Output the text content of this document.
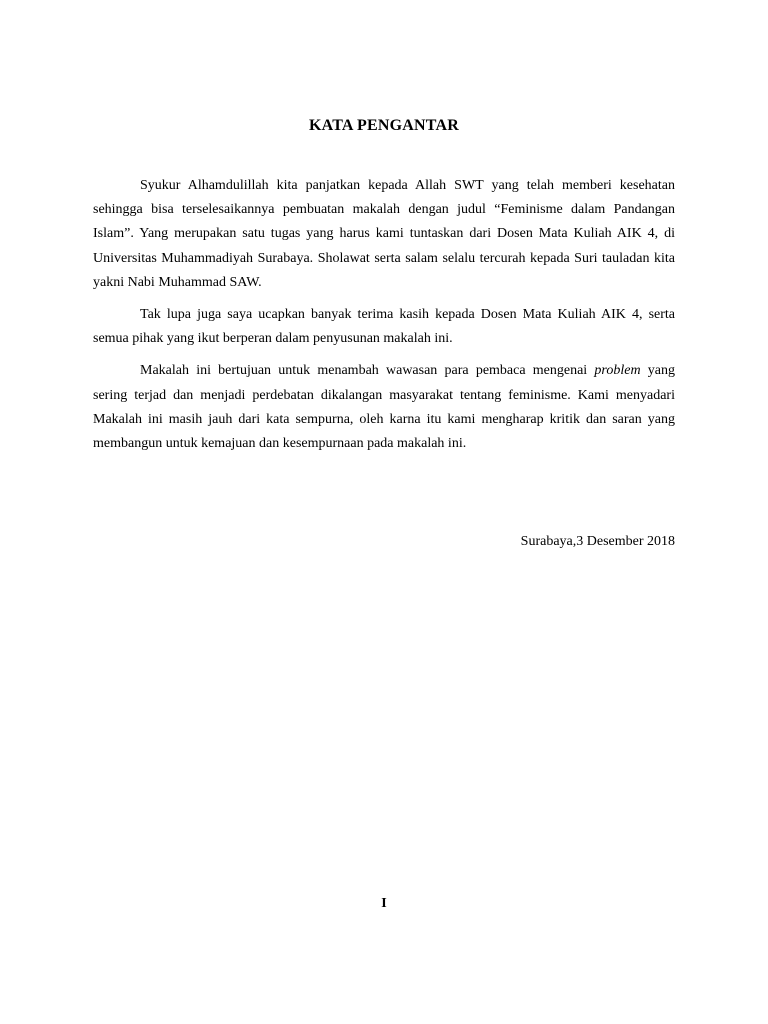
KATA PENGANTAR

Syukur Alhamdulillah kita panjatkan kepada Allah SWT yang telah memberi kesehatan sehingga bisa terselesaikannya pembuatan makalah dengan judul “Feminisme dalam Pandangan Islam”. Yang merupakan satu tugas yang harus kami tuntaskan dari Dosen Mata Kuliah AIK 4, di Universitas Muhammadiyah Surabaya. Sholawat serta salam selalu tercurah kepada Suri tauladan kita yakni Nabi Muhammad SAW.

Tak lupa juga saya ucapkan banyak terima kasih kepada Dosen Mata Kuliah AIK 4, serta semua pihak yang ikut berperan dalam penyusunan makalah ini.

Makalah ini bertujuan untuk menambah wawasan para pembaca mengenai problem yang sering terjad dan menjadi perdebatan dikalangan masyarakat tentang feminisme. Kami menyadari Makalah ini masih jauh dari kata sempurna, oleh karna itu kami mengharap kritik dan saran yang membangun untuk kemajuan dan kesempurnaan pada makalah ini.

Surabaya,3 Desember 2018
I
